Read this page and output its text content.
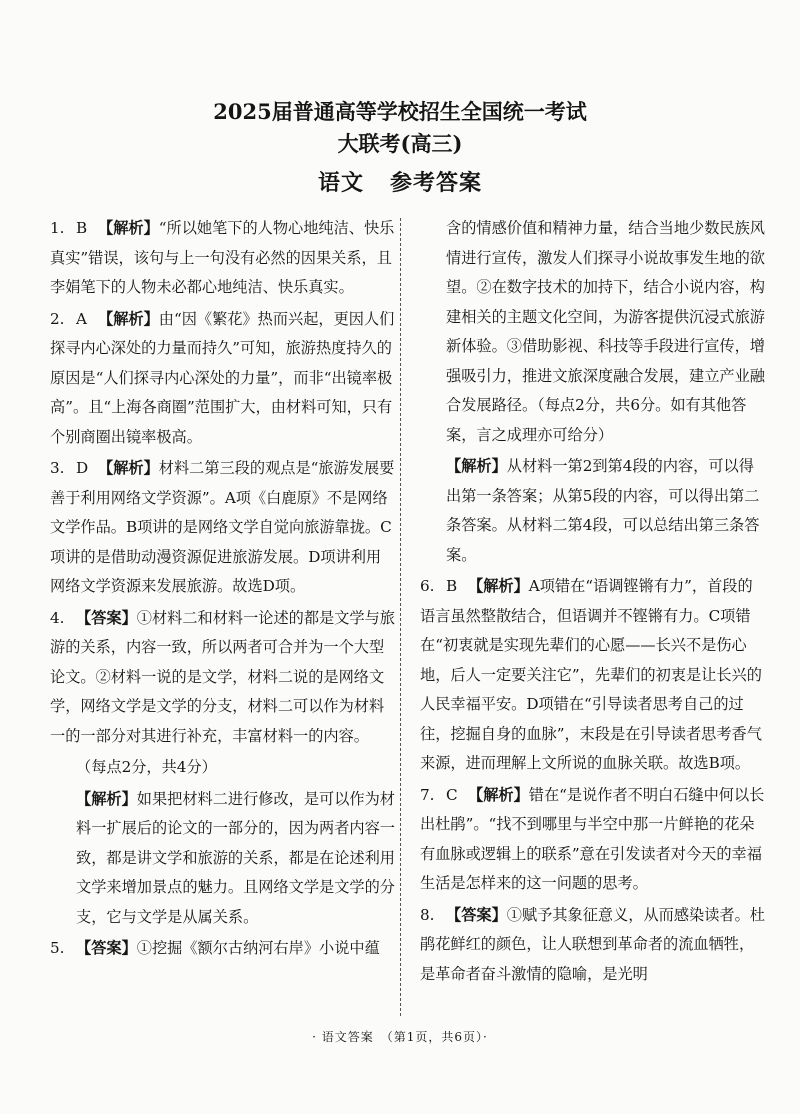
2025届普通高等学校招生全国统一考试
大联考(高三)
语文 参考答案
1. B 【解析】“所以她笔下的人物心地纯洁、快乐真实”错误，该句与上一句没有必然的因果关系，且李娟笔下的人物未必都心地纯洁、快乐真实。
2. A 【解析】由“因《繁花》热而兴起，更因人们探寻内心深处的力量而持久”可知，旅游热度持久的原因是“人们探寻内心深处的力量”，而非“出镜率极高”。且“上海各商圈”范围扩大，由材料可知，只有个别商圈出镜率极高。
3. D 【解析】材料二第三段的观点是“旅游发展要善于利用网络文学资源”。A项《白鹿原》不是网络文学作品。B项讲的是网络文学自觉向旅游靠拢。C项讲的是借助动漫资源促进旅游发展。D项讲利用网络文学资源来发展旅游。故选D项。
4. 【答案】①材料二和材料一论述的都是文学与旅游的关系，内容一致，所以两者可合并为一个大型论文。②材料一说的是文学，材料二说的是网络文学，网络文学是文学的分支，材料二可以作为材料一的一部分对其进行补充，丰富材料一的内容。
（每点2分，共4分）
【解析】如果把材料二进行修改，是可以作为材料一扩展后的论文的一部分的，因为两者内容一致，都是讲文学和旅游的关系，都是在论述利用文学来增加景点的魅力。且网络文学是文学的分支，它与文学是从属关系。
5. 【答案】①挖掘《额尔古纳河右岸》小说中蕴
含的情感价值和精神力量，结合当地少数民族风情进行宣传，激发人们探寻小说故事发生地的欲望。②在数字技术的加持下，结合小说内容，构建相关的主题文化空间，为游客提供沉浸式旅游新体验。③借助影视、科技等手段进行宣传，增强吸引力，推进文旅深度融合发展，建立产业融合发展路径。（每点2分，共6分。如有其他答案，言之成理亦可给分）
【解析】从材料一第2到第4段的内容，可以得出第一条答案；从第5段的内容，可以得出第二条答案。从材料二第4段，可以总结出第三条答案。
6. B 【解析】A项错在“语调铿锵有力”，首段的语言虽然整散结合，但语调并不铿锵有力。C项错在“初衷就是实现先辈们的心愿——长兴不是伤心地，后人一定要关注它”，先辈们的初衷是让长兴的人民幸福平安。D项错在“引导读者思考自己的过往，挖掘自身的血脉”，末段是在引导读者思考香气来源，进而理解上文所说的血脉关联。故选B项。
7. C 【解析】错在“是说作者不明白石缝中何以长出杜鹃”。“找不到哪里与半空中那一片鲜艳的花朵有血脉或逻辑上的联系”意在引发读者对今天的幸福生活是怎样来的这一问题的思考。
8. 【答案】①赋予其象征意义，从而感染读者。杜鹃花鲜红的颜色，让人联想到革命者的流血牺牲，是革命者奋斗激情的隐喻，是光明
· 语文答案　（第1页，共6页）·
